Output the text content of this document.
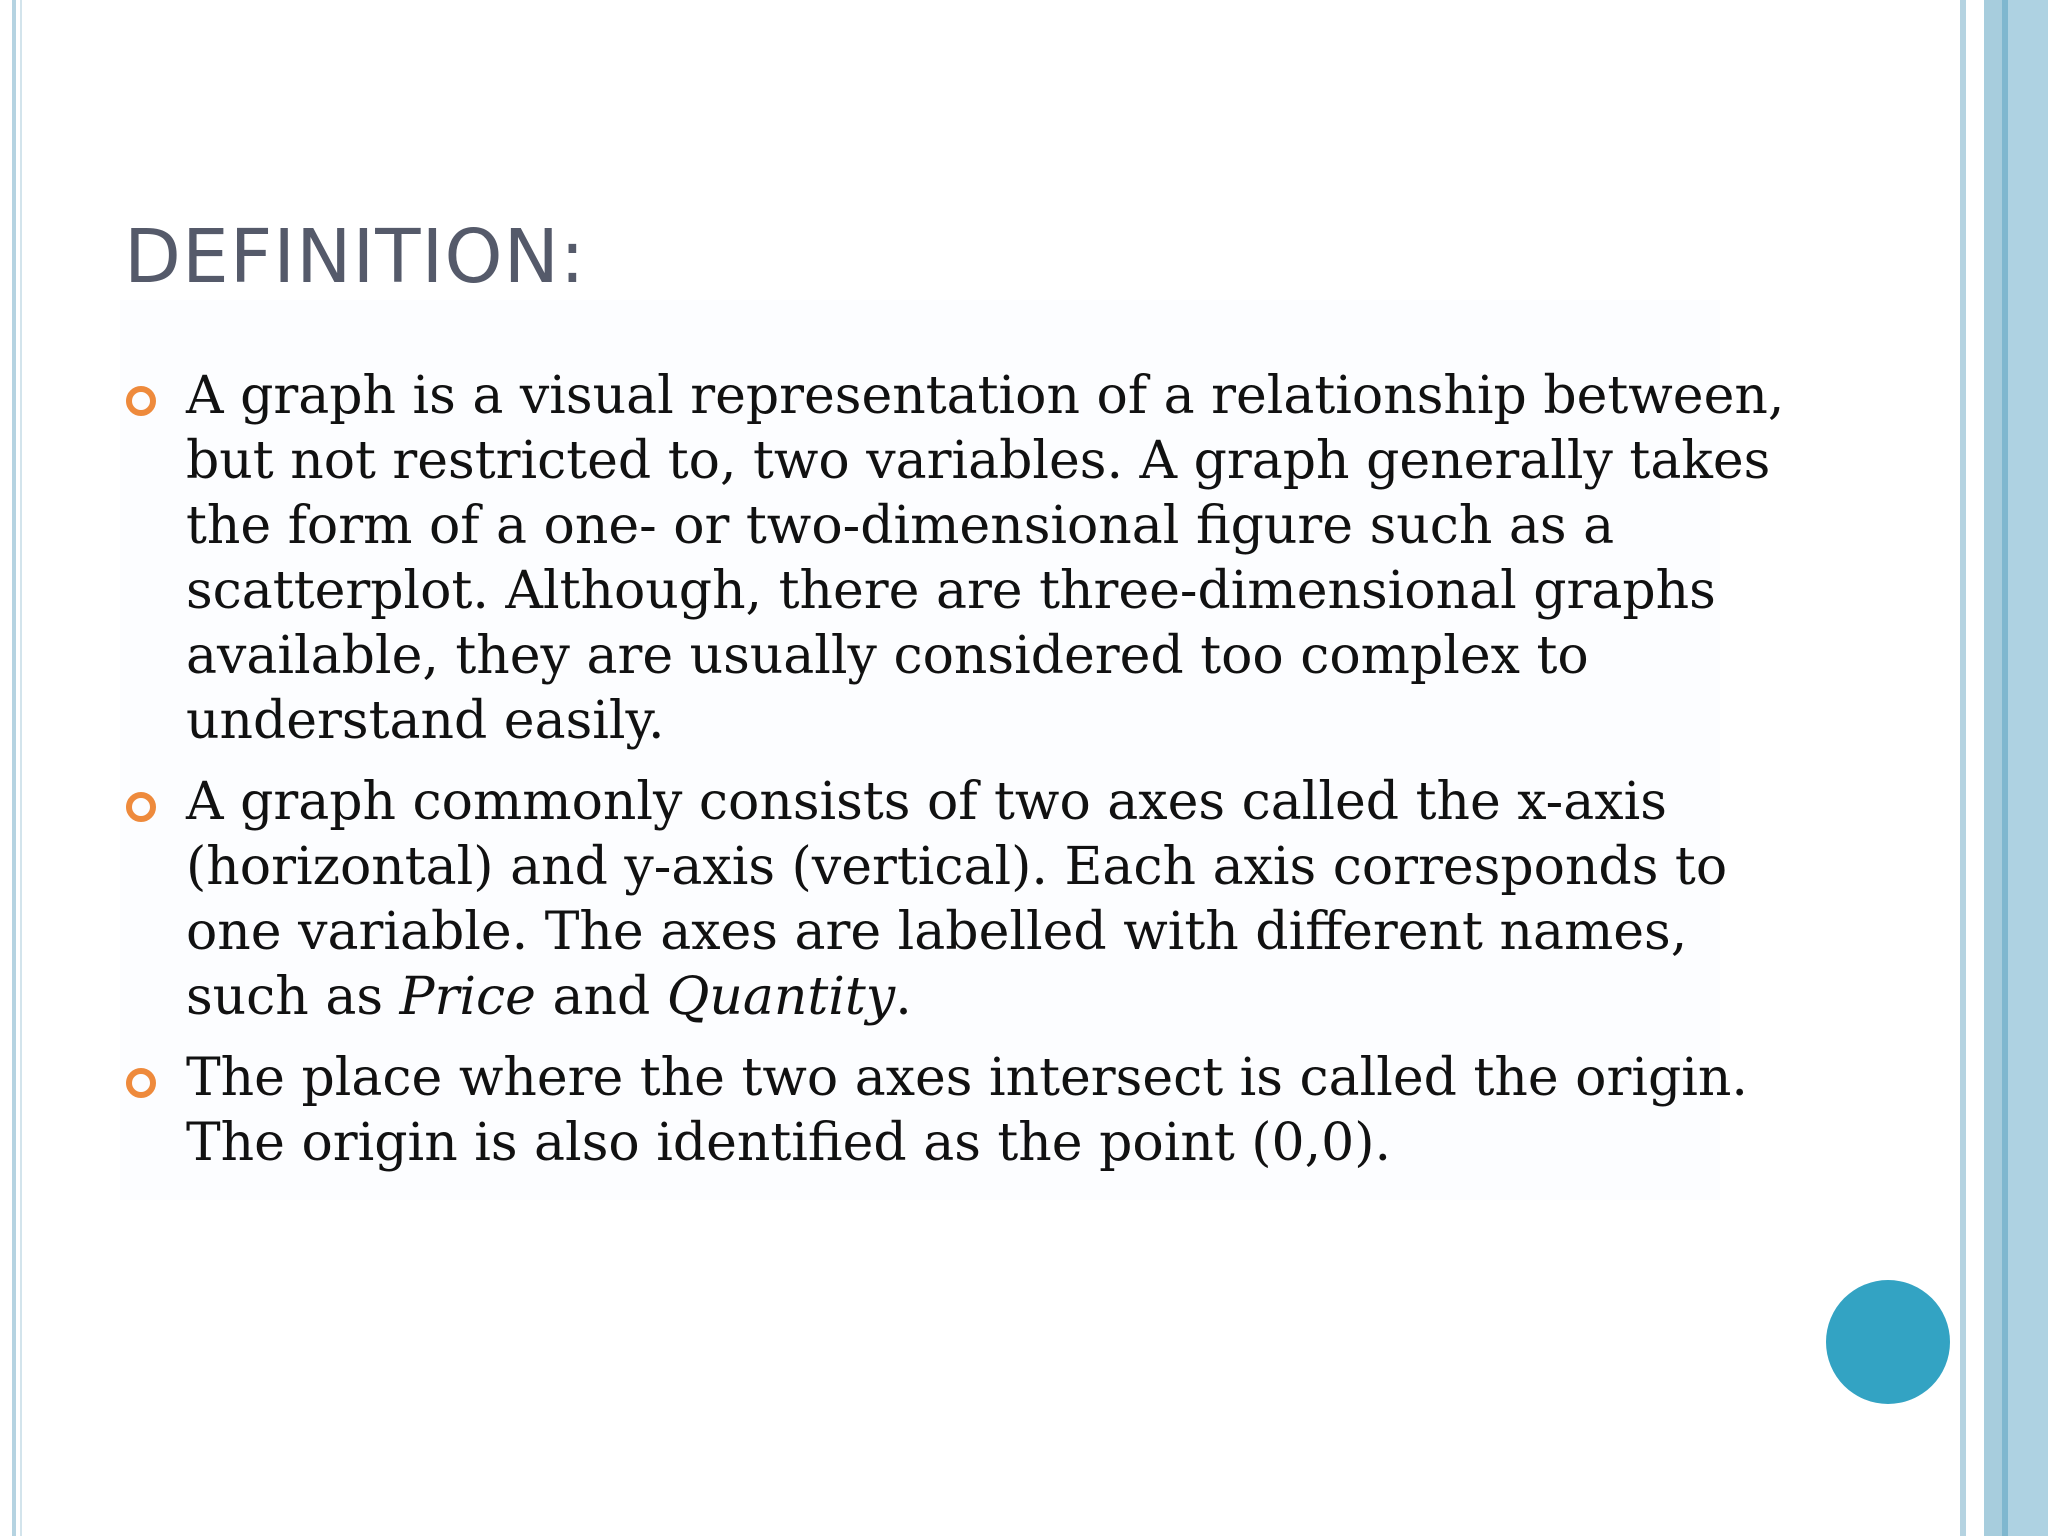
DEFINITION:
A graph is a visual representation of a relationship between, but not restricted to, two variables. A graph generally takes the form of a one- or two-dimensional figure such as a scatterplot. Although, there are three-dimensional graphs available, they are usually considered too complex to understand easily.
A graph commonly consists of two axes called the x-axis (horizontal) and y-axis (vertical). Each axis corresponds to one variable. The axes are labelled with different names, such as Price and Quantity.
The place where the two axes intersect is called the origin. The origin is also identified as the point (0,0).
